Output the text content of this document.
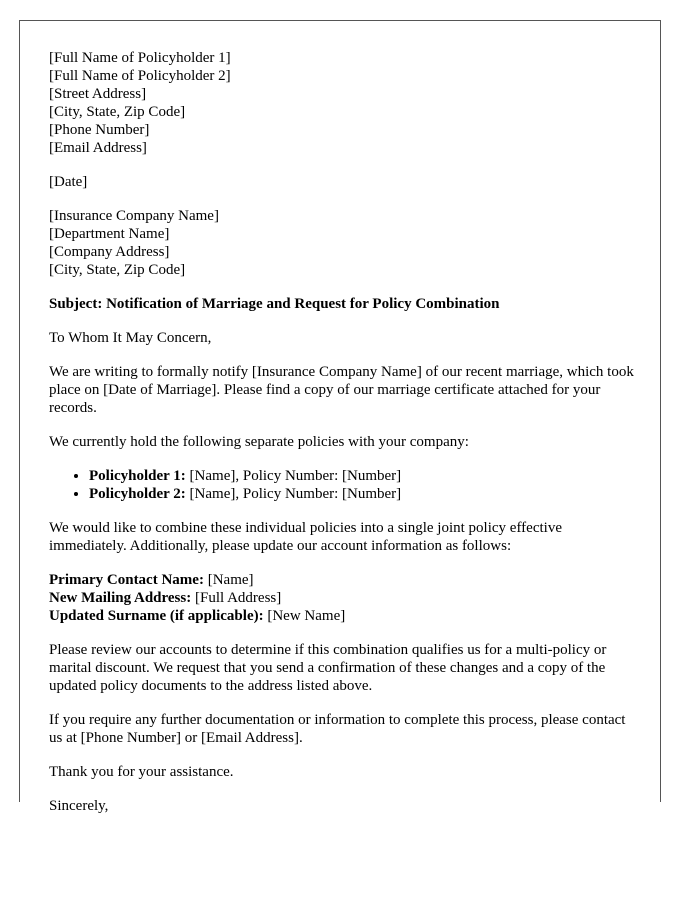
[Full Name of Policyholder 1]
[Full Name of Policyholder 2]
[Street Address]
[City, State, Zip Code]
[Phone Number]
[Email Address]

[Date]

[Insurance Company Name]
[Department Name]
[Company Address]
[City, State, Zip Code]

Subject: Notification of Marriage and Request for Policy Combination

To Whom It May Concern,

We are writing to formally notify [Insurance Company Name] of our recent marriage, which took place on [Date of Marriage]. Please find a copy of our marriage certificate attached for your records.

We currently hold the following separate policies with your company:

• Policyholder 1: [Name], Policy Number: [Number]
• Policyholder 2: [Name], Policy Number: [Number]

We would like to combine these individual policies into a single joint policy effective immediately. Additionally, please update our account information as follows:

Primary Contact Name: [Name]
New Mailing Address: [Full Address]
Updated Surname (if applicable): [New Name]

Please review our accounts to determine if this combination qualifies us for a multi-policy or marital discount. We request that you send a confirmation of these changes and a copy of the updated policy documents to the address listed above.

If you require any further documentation or information to complete this process, please contact us at [Phone Number] or [Email Address].

Thank you for your assistance.

Sincerely,
